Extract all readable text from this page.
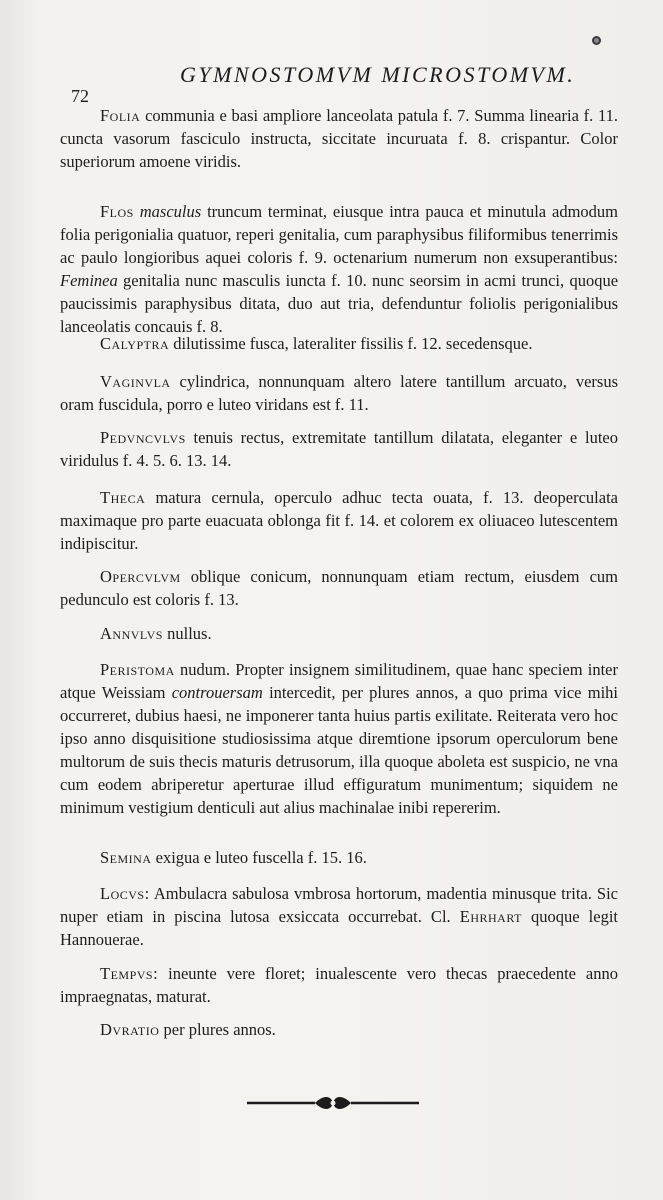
72
GYMNOSTOMVM MICROSTOMVM.

Folia communia e basi ampliore lanceolata patula f. 7. Summa linearia f. 11. cuncta vasorum fasciculo instructa, siccitate incuruata f. 8. crispantur. Color superiorum amoene viridis.

Flos masculus truncum terminat, eiusque intra pauca et minutula admodum folia perigonialia quatuor, reperi genitalia, cum paraphysibus filiformibus tenerrimis ac paulo longioribus aquei coloris f. 9. octenarium numerum non exsuperantibus: Feminea genitalia nunc masculis iuncta f. 10. nunc seorsim in acmi trunci, quoque paucissimis paraphysibus ditata, duo aut tria, defenduntur foliolis perigonialibus lanceolatis concauis f. 8.

Calyptra dilutissime fusca, lateraliter fissilis f. 12. secedensque.

Vaginvla cylindrica, nonnunquam altero latere tantillum arcuato, versus oram fuscidula, porro e luteo viridans est f. 11.

Pedvncvlvs tenuis rectus, extremitate tantillum dilatata, eleganter e luteo viridulus f. 4. 5. 6. 13. 14.

Theca matura cernula, operculo adhuc tecta ouata, f. 13. deoperculata maximaque pro parte euacuata oblonga fit f. 14. et colorem ex oliuaceo lutescentem indipiscitur.

Opercvlvm oblique conicum, nonnunquam etiam rectum, eiusdem cum pedunculo est coloris f. 13.

Annvlvs nullus.

Peristoma nudum. Propter insignem similitudinem, quae hanc speciem inter atque Weissiam controuersam intercedit, per plures annos, a quo prima vice mihi occurreret, dubius haesi, ne imponerer tanta huius partis exilitate. Reiterata vero hoc ipso anno disquisitione studiosissima atque diremtione ipsorum operculorum bene multorum de suis thecis maturis detrusorum, illa quoque aboleta est suspicio, ne vna cum eodem abriperetur aperturae illud effiguratum munimentum; siquidem ne minimum vestigium denticuli aut alius machinalae inibi repererim.

Semina exigua e luteo fuscella f. 15. 16.

Locvs: Ambulacra sabulosa vmbrosa hortorum, madentia minusque trita. Sic nuper etiam in piscina lutosa exsiccata occurrebat. Cl. Ehrhart quoque legit Hannouerae.

Tempvs: ineunte vere floret; inualescente vero thecas praecedente anno impraegnatas, maturat.

Dvratio per plures annos.
